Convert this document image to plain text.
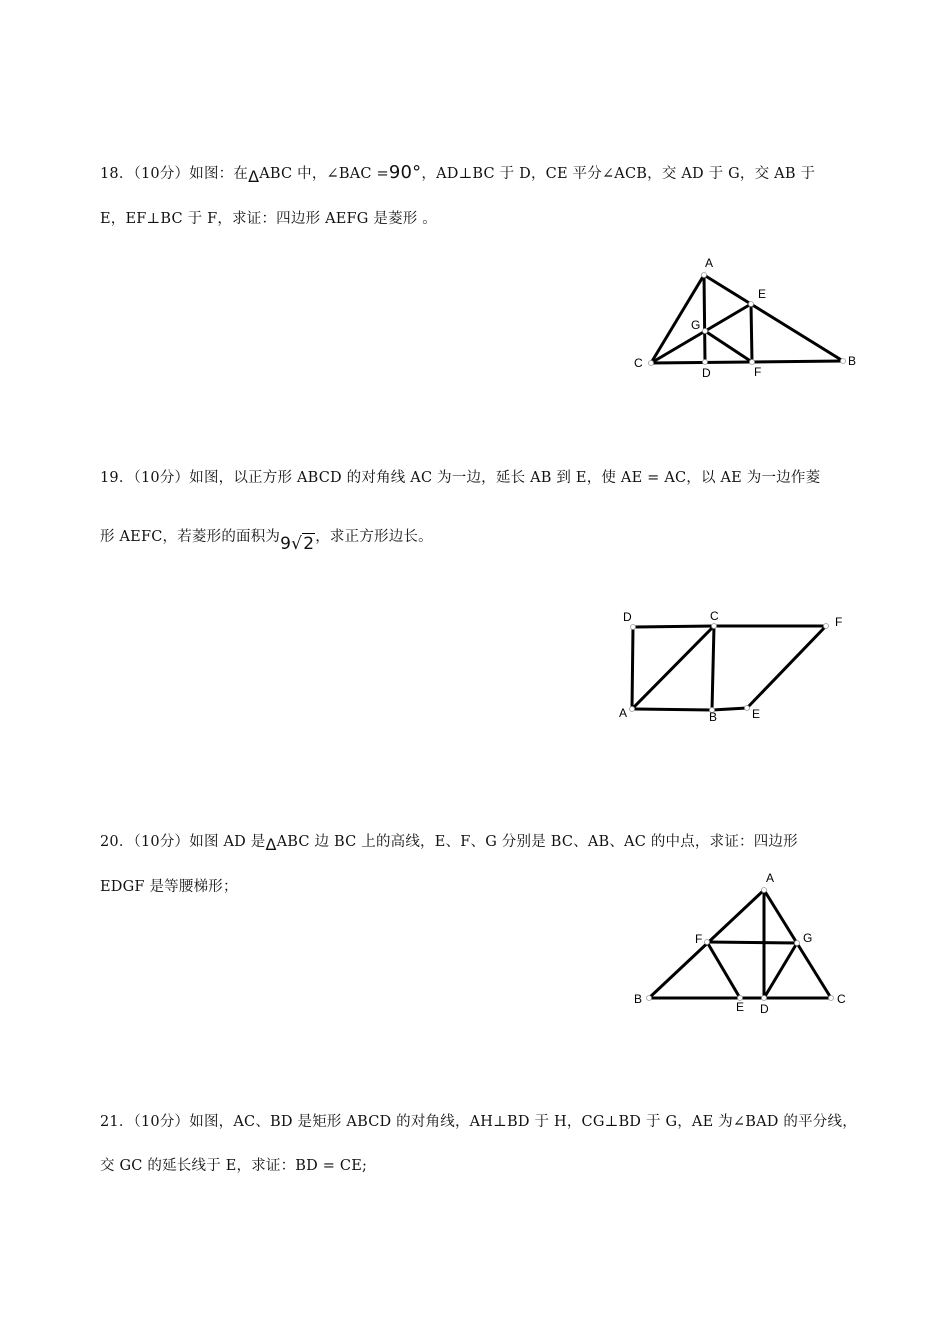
18．（10分）如图：在ΔABC 中，∠BAC =90°，AD⊥BC 于 D，CE 平分∠ACB，交 AD 于 G，交 AB 于
E，EF⊥BC 于 F，求证：四边形 AEFG 是菱形 。
A
E
G
C
D	F
B
19．（10分）如图，以正方形 ABCD 的对角线 AC 为一边，延长 AB 到 E，使 AE = AC，以 AE 为一边作菱
形 AEFC，若菱形的面积为9√2，求正方形边长。
D	C	F
A	B	E
20．（10分）如图 AD 是ΔABC 边 BC 上的高线，E、F、G 分别是 BC、AB、AC 的中点，求证：四边形
EDGF 是等腰梯形；
A
F	G
B
E D
C
21．（10分）如图，AC、BD 是矩形 ABCD 的对角线，AH⊥BD 于 H，CG⊥BD 于 G，AE 为∠BAD 的平分线，
交 GC 的延长线于 E，求证：BD = CE;
